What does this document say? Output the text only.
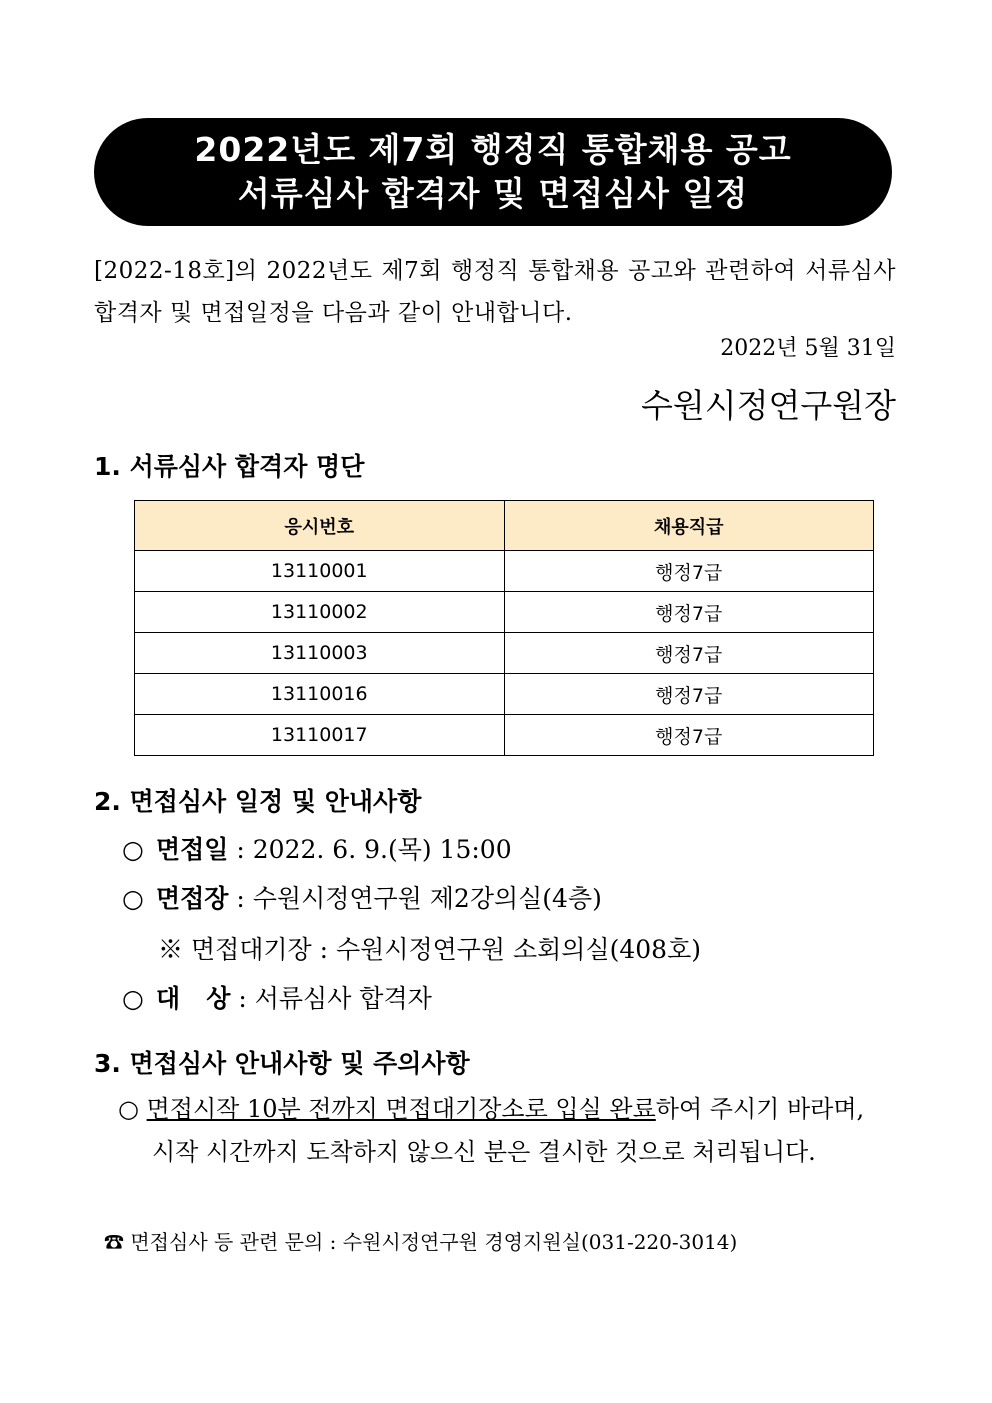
2022년도 제7회 행정직 통합채용 공고
서류심사 합격자 및 면접심사 일정
[2022-18호]의 2022년도 제7회 행정직 통합채용 공고와 관련하여 서류심사 합격자 및 면접일정을 다음과 같이 안내합니다.
2022년 5월 31일
수원시정연구원장
1. 서류심사 합격자 명단
응시번호	채용직급
13110001	행정7급
13110002	행정7급
13110003	행정7급
13110016	행정7급
13110017	행정7급
2. 면접심사 일정 및 안내사항
○ 면접일 : 2022. 6. 9.(목) 15:00
○ 면접장 : 수원시정연구원 제2강의실(4층)
※ 면접대기장 : 수원시정연구원 소회의실(408호)
○ 대   상 : 서류심사 합격자
3. 면접심사 안내사항 및 주의사항
○ 면접시작 10분 전까지 면접대기장소로 입실 완료하여 주시기 바라며,
시작 시간까지 도착하지 않으신 분은 결시한 것으로 처리됩니다.
☎ 면접심사 등 관련 문의 : 수원시정연구원 경영지원실(031-220-3014)
